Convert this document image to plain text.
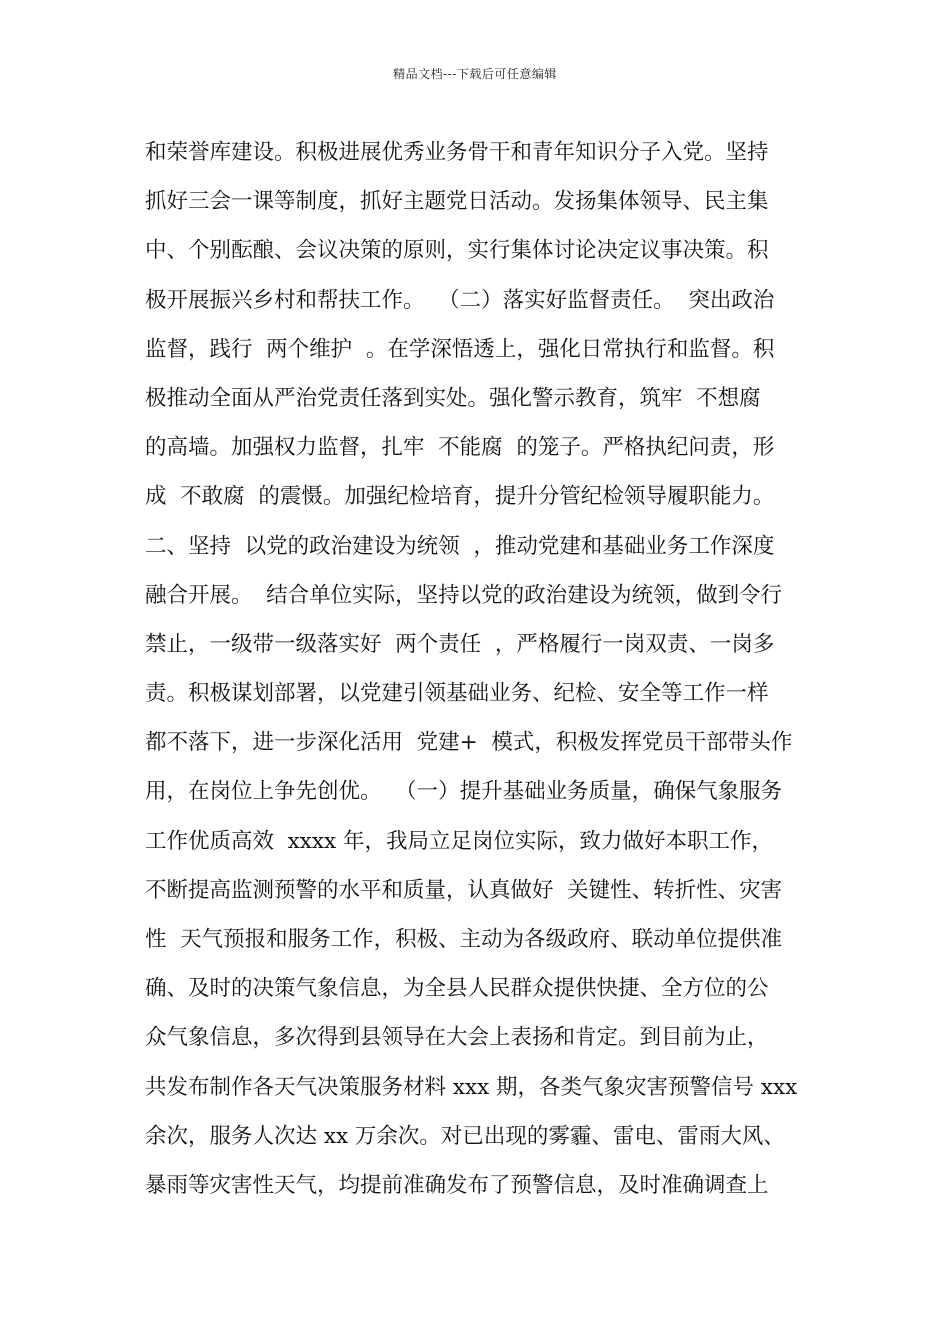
精品文档---下载后可任意编辑
和荣誉库建设。积极进展优秀业务骨干和青年知识分子入党。坚持
抓好三会一课等制度，抓好主题党日活动。发扬集体领导、民主集
中、个别酝酿、会议决策的原则，实行集体讨论决定议事决策。积
极开展振兴乡村和帮扶工作。  （二）落实好监督责任。  突出政治
监督，践行  两个维护  。在学深悟透上，强化日常执行和监督。积
极推动全面从严治党责任落到实处。强化警示教育，筑牢  不想腐
的高墙。加强权力监督，扎牢  不能腐  的笼子。严格执纪问责，形
成  不敢腐  的震慑。加强纪检培育，提升分管纪检领导履职能力。
二、坚持  以党的政治建设为统领  ，推动党建和基础业务工作深度
融合开展。  结合单位实际，坚持以党的政治建设为统领，做到令行
禁止，一级带一级落实好  两个责任  ，严格履行一岗双责、一岗多
责。积极谋划部署，以党建引领基础业务、纪检、安全等工作一样
都不落下，进一步深化活用  党建+  模式，积极发挥党员干部带头作
用，在岗位上争先创优。  （一）提升基础业务质量，确保气象服务
工作优质高效  xxxx 年，我局立足岗位实际，致力做好本职工作，
不断提高监测预警的水平和质量，认真做好  关键性、转折性、灾害
性  天气预报和服务工作，积极、主动为各级政府、联动单位提供准
确、及时的决策气象信息，为全县人民群众提供快捷、全方位的公
众气象信息，多次得到县领导在大会上表扬和肯定。到目前为止，
共发布制作各天气决策服务材料 xxx 期，各类气象灾害预警信号 xxx
余次，服务人次达 xx 万余次。对已出现的雾霾、雷电、雷雨大风、
暴雨等灾害性天气，均提前准确发布了预警信息，及时准确调查上
